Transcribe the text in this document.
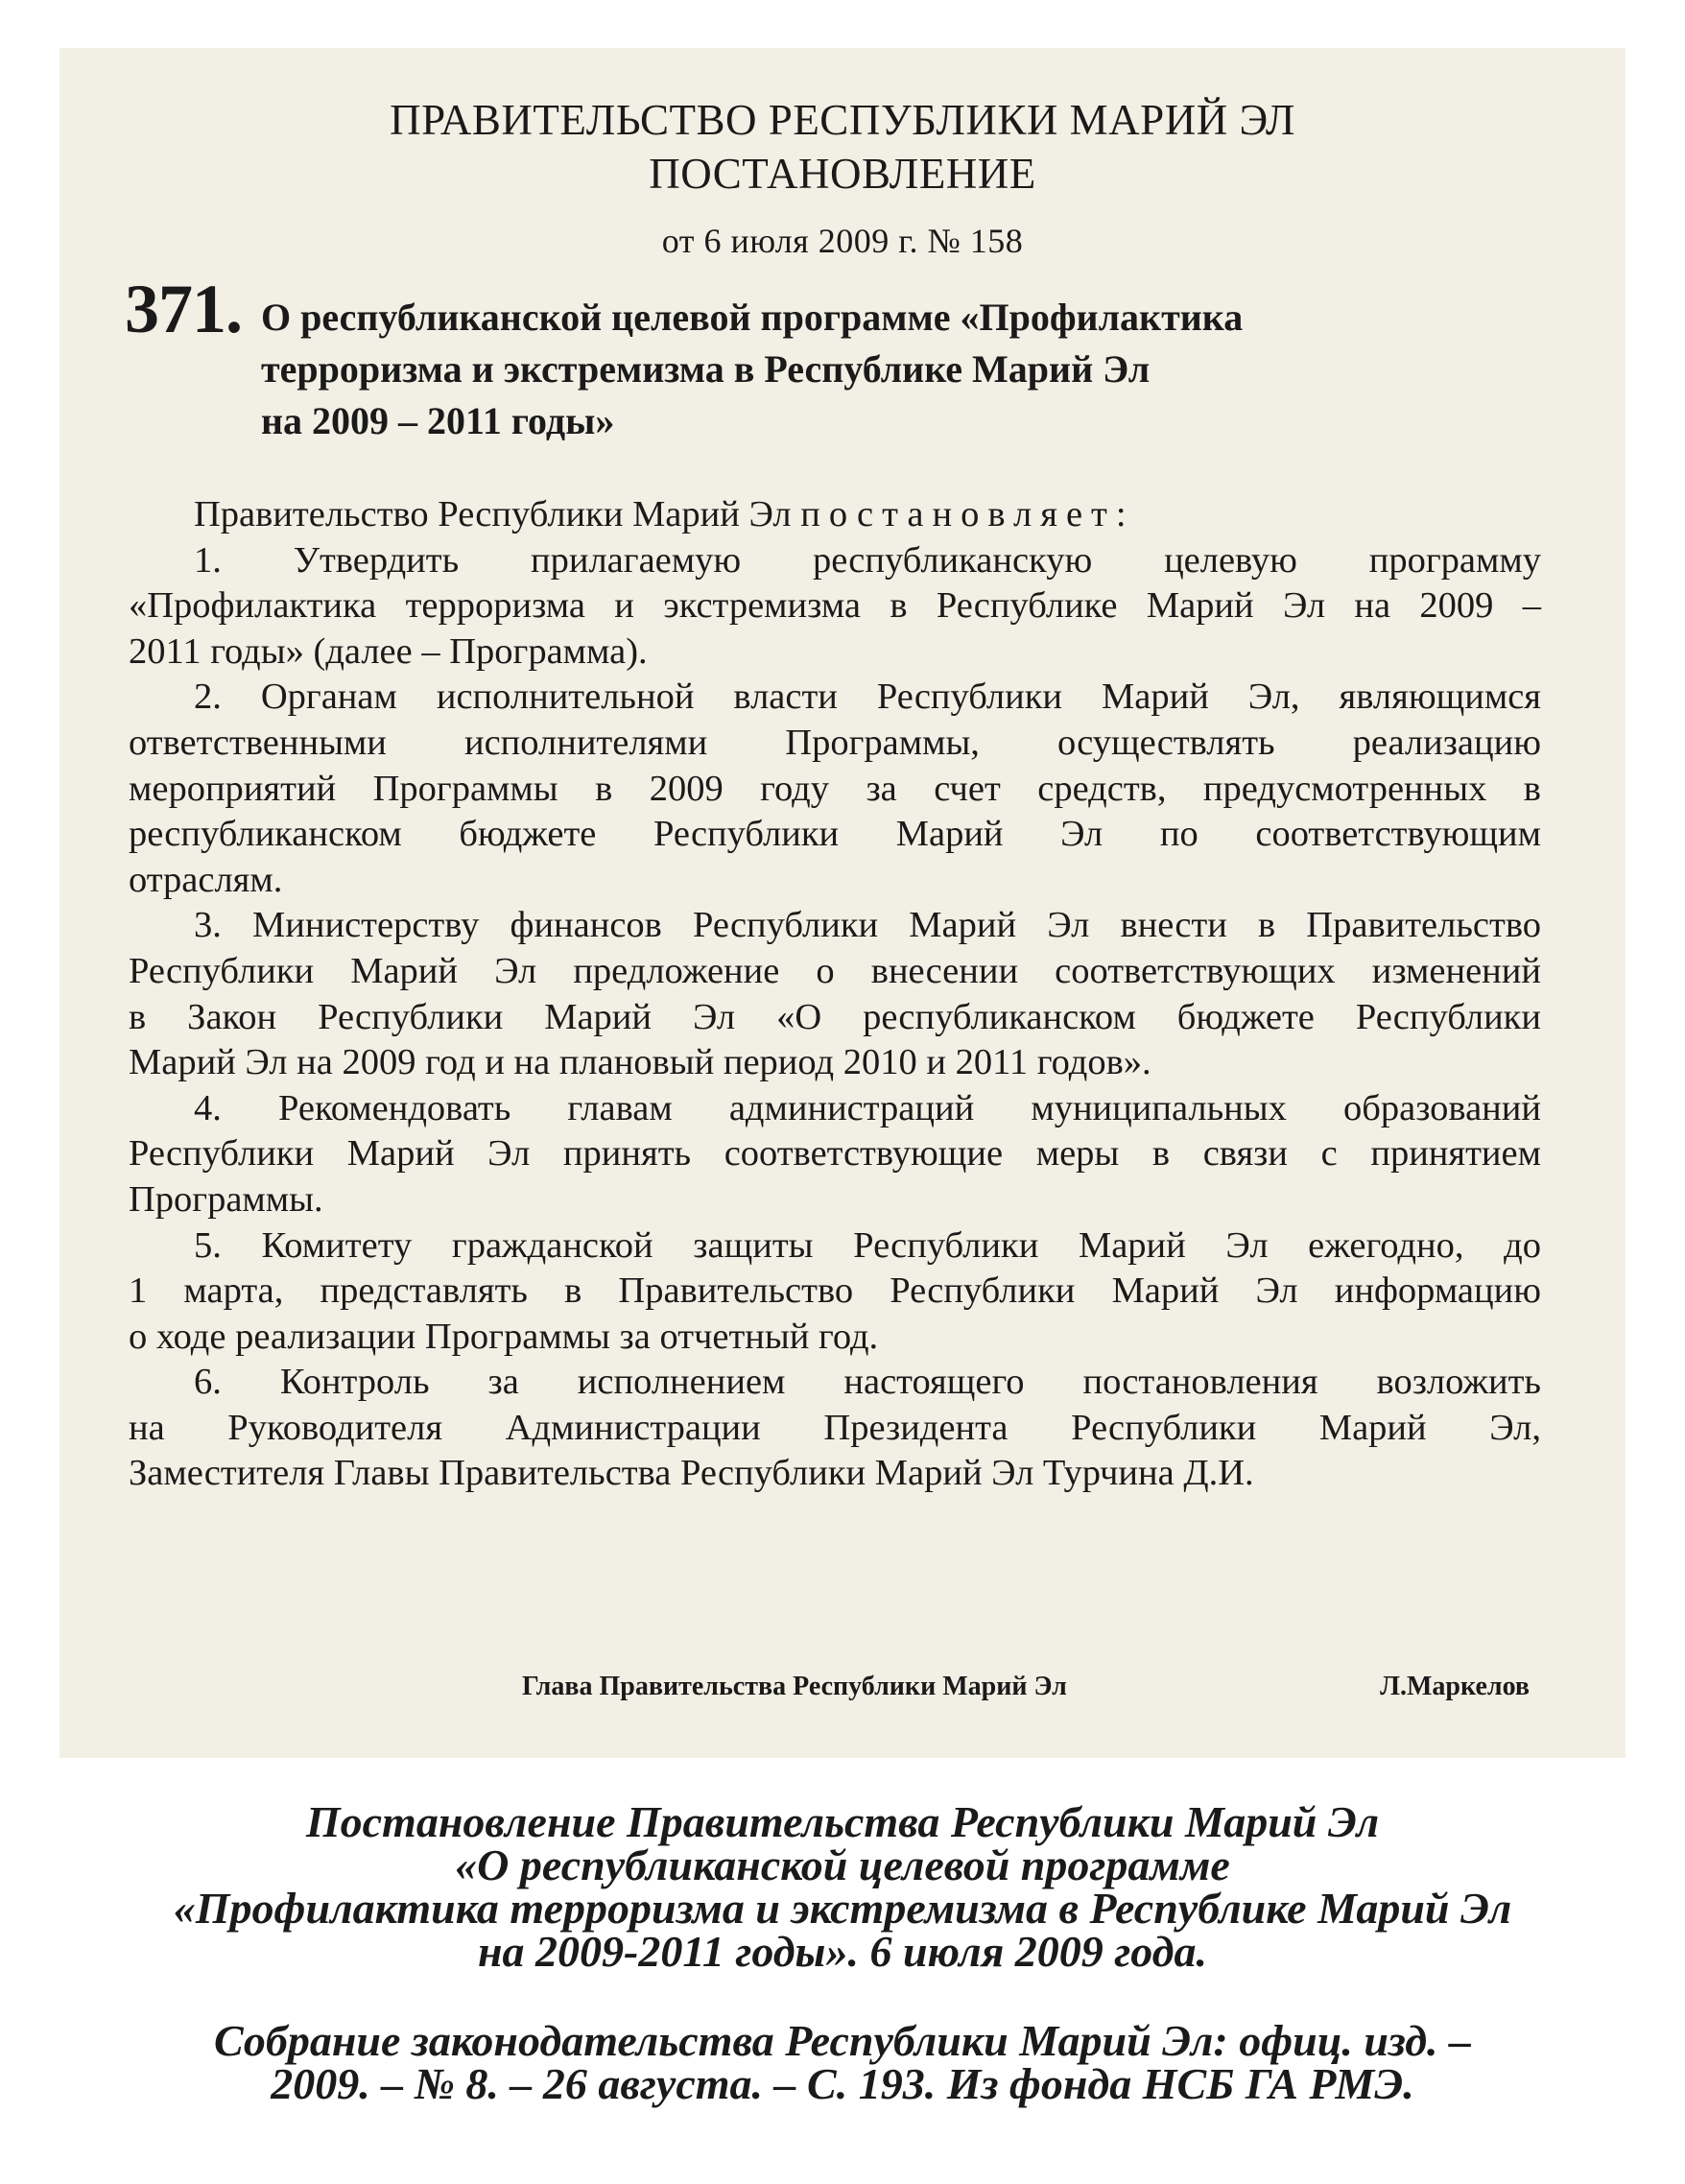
ПРАВИТЕЛЬСТВО РЕСПУБЛИКИ МАРИЙ ЭЛ
ПОСТАНОВЛЕНИЕ
от 6 июля 2009 г. № 158
371. О республиканской целевой программе «Профилактика
терроризма и экстремизма в Республике Марий Эл
на 2009 – 2011 годы»
Правительство Республики Марий Эл постановляет:
1. Утвердить прилагаемую республиканскую целевую программу
«Профилактика терроризма и экстремизма в Республике Марий Эл на 2009 –
2011 годы» (далее – Программа).
2. Органам исполнительной власти Республики Марий Эл, являющимся
ответственными исполнителями Программы, осуществлять реализацию
мероприятий Программы в 2009 году за счет средств, предусмотренных в
республиканском бюджете Республики Марий Эл по соответствующим
отраслям.
3. Министерству финансов Республики Марий Эл внести в Правительство
Республики Марий Эл предложение о внесении соответствующих изменений
в Закон Республики Марий Эл «О республиканском бюджете Республики
Марий Эл на 2009 год и на плановый период 2010 и 2011 годов».
4. Рекомендовать главам администраций муниципальных образований
Республики Марий Эл принять соответствующие меры в связи с принятием
Программы.
5. Комитету гражданской защиты Республики Марий Эл ежегодно, до
1 марта, представлять в Правительство Республики Марий Эл информацию
о ходе реализации Программы за отчетный год.
6. Контроль за исполнением настоящего постановления возложить
на Руководителя Администрации Президента Республики Марий Эл,
Заместителя Главы Правительства Республики Марий Эл Турчина Д.И.
Глава Правительства Республики Марий Эл	Л.Маркелов
Постановление Правительства Республики Марий Эл
«О республиканской целевой программе
«Профилактика терроризма и экстремизма в Республике Марий Эл
на 2009-2011 годы». 6 июля 2009 года.
Собрание законодательства Республики Марий Эл: офиц. изд. –
2009. – № 8. – 26 августа. – С. 193. Из фонда НСБ ГА РМЭ.
